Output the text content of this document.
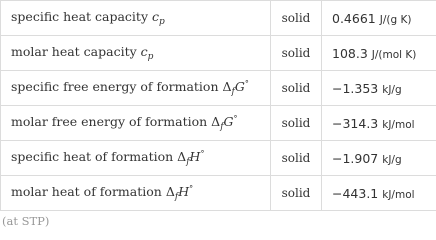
specific heat capacity $c_p$	solid	0.4661 J/(g K)
molar heat capacity $c_p$	solid	108.3 J/(mol K)
specific free energy of formation $\Delta_fG^\circ$	solid	−1.353 kJ/g
molar free energy of formation $\Delta_fG^\circ$	solid	−314.3 kJ/mol
specific heat of formation $\Delta_fH^\circ$	solid	−1.907 kJ/g
molar heat of formation $\Delta_fH^\circ$	solid	−443.1 kJ/mol
(at STP)
